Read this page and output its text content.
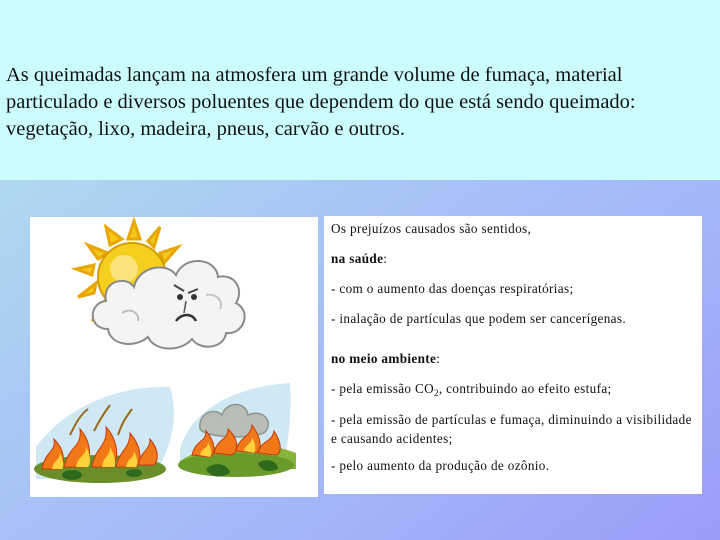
As queimadas lançam na atmosfera um grande volume de fumaça, material particulado e diversos poluentes que dependem do que está sendo queimado: vegetação, lixo, madeira, pneus, carvão e outros.

Os prejuízos causados são sentidos,

na saúde:

- com o aumento das doenças respiratórias;

- inalação de partículas que podem ser cancerígenas.

no meio ambiente:

- pela emissão $CO_2$, contribuindo ao efeito estufa;

- pela emissão de partículas e fumaça, diminuindo a visibilidade e causando acidentes;

- pelo aumento da produção de ozônio.
